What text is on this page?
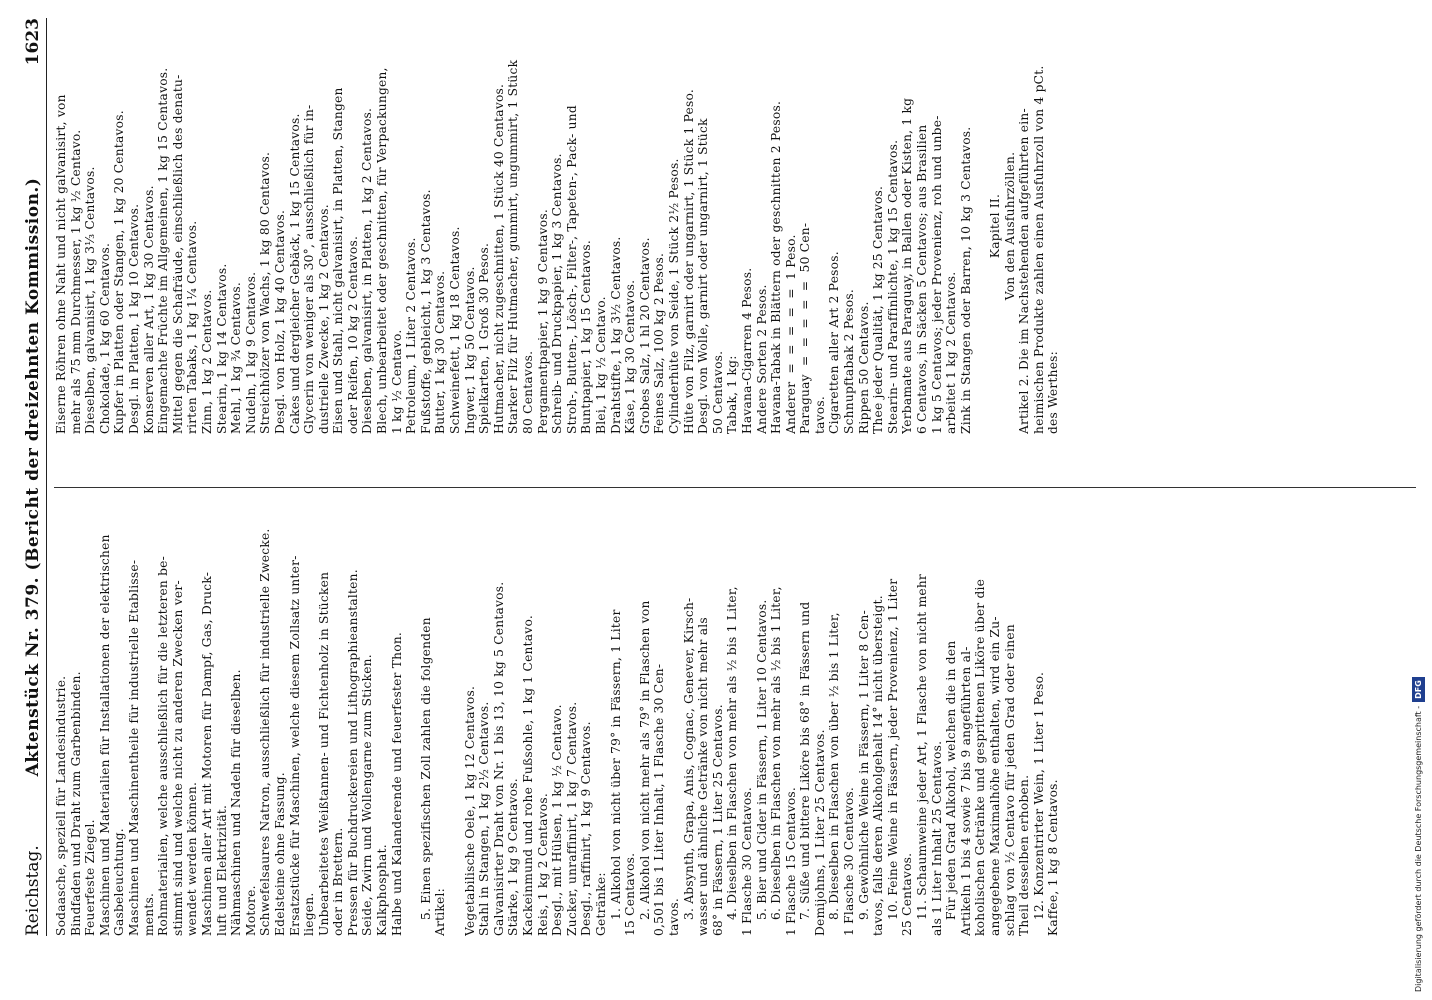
Reichstag.
Aktenstück Nr. 379. (Bericht der dreizehnten Kommission.)
1623
Sodaasche, speziell für Landesindustrie. Bindfaden und Draht zum Garbenbinden. Feuerfeste Ziegel. Maschinen und Materialien für Installationen der elektrischen Gasbeleuchtung. Maschinen und Maschinentheile für industrielle Etablisse- ments. Rohmaterialien, welche ausschließlich für die letzteren be- stimmt sind und welche nicht zu anderen Zwecken ver- wendet werden können. Maschinen aller Art mit Motoren für Dampf, Gas, Druck- luft und Elektrizität. Nähmaschinen und Nadeln für dieselben. Motore. Schwefelsaures Natron, ausschließlich für industrielle Zwecke. Edelsteine ohne Fassung. Ersatzstücke für Maschinen, welche diesem Zollsatz unter- liegen. Unbearbeitetes Weißtannen- und Fichtenholz in Stücken oder in Brettern. Pressen für Buchdruckereien und Lithographieanstalten. Seide, Zwirn und Wollengarne zum Sticken. Kalkphosphat. Halbe und Kalanderende und feuerfester Thon. 5. Einen spezifischen Zoll zahlen die folgenden Artikel: Vegetabilische Oele, 1 kg 12 Centavos. Stahl in Stangen, 1 kg 2½ Centavos. Galvanisirter Draht von Nr. 1 bis 13, 10 kg 5 Centavos. Stärke, 1 kg 9 Centavos. Kackeinmund und rohe Fußsohle, 1 kg 1 Centavo. Reis, 1 kg 2 Centavos. Desgl., mit Hülsen, 1 kg ½ Centavo. Zucker, unraffinirt, 1 kg 7 Centavos. Desgl., raffinirt, 1 kg 9 Centavos. Getränke: 1. Alkohol von nicht über 79° in Fässern, 1 Liter 15 Centavos. 2. Alkohol von nicht mehr als 79° in Flaschen von 0,501 bis 1 Liter Inhalt, 1 Flasche 30 Cen- tavos. 3. Absynth, Grapa, Anis, Cognac, Genever, Kirsch- wasser und ähnliche Getränke von nicht mehr als 68° in Fässern, 1 Liter 25 Centavos. 4. Dieselben in Flaschen von mehr als ½ bis 1 Liter, 1 Flasche 30 Centavos. 5. Bier und Cider in Fässern, 1 Liter 10 Centavos. 6. Dieselben in Flaschen von mehr als ½ bis 1 Liter, 1 Flasche 15 Centavos. 7. Süße und bittere Liköre bis 68° in Fässern und Demijohns, 1 Liter 25 Centavos. 8. Dieselben in Flaschen von über ½ bis 1 Liter, 1 Flasche 30 Centavos. 9. Gewöhnliche Weine in Fässern, 1 Liter 8 Cen- tavos, falls deren Alkoholgehalt 14° nicht übersteigt. 10. Feine Weine in Fässern, jeder Provenienz, 1 Liter 25 Centavos. 11. Schaumweine jeder Art, 1 Flasche von nicht mehr als 1 Liter Inhalt 25 Centavos. Für jeden Grad Alkohol, welchen die in den Artikeln 1 bis 4 sowie 7 bis 9 angeführten al- koholischen Getränke und gesprittenen Liköre über die angegebene Maximalhöhe enthalten, wird ein Zu- schlag von ½ Centavo für jeden Grad oder einen Theil desselben erhoben. 12. Konzentrirter Wein, 1 Liter 1 Peso. Kaffee, 1 kg 8 Centavos.
Eiserne Röhren ohne Naht und nicht galvanisirt, von mehr als 75 mm Durchmesser, 1 kg ½ Centavo. Dieselben, galvanisirt, 1 kg 3⅓ Centavos. Chokolade, 1 kg 60 Centavos. Kupfer in Platten oder Stangen, 1 kg 20 Centavos. Desgl. in Platten, 1 kg 10 Centavos. Konserven aller Art, 1 kg 30 Centavos. Eingemachte Früchte im Allgemeinen, 1 kg 15 Centavos. Mittel gegen die Schafräude, einschließlich des denatu- rirten Tabaks, 1 kg 1¼ Centavos. Zinn, 1 kg 2 Centavos. Stearin, 1 kg 14 Centavos. Mehl, 1 kg ¾ Centavos. Nudeln, 1 kg 9 Centavos. Streichhölzer von Wachs, 1 kg 80 Centavos. Desgl. von Holz, 1 kg 40 Centavos. Cakes und dergleicher Gebäck, 1 kg 15 Centavos. Glycerin von weniger als 30°, ausschließlich für in- dustrielle Zwecke, 1 kg 2 Centavos. Eisen und Stahl, nicht galvanisirt, in Platten, Stangen oder Reifen, 10 kg 2 Centavos. Dieselben, galvanisirt, in Platten, 1 kg 2 Centavos. Blech, unbearbeitet oder geschnitten, für Verpackungen, 1 kg ½ Centavo. Petroleum, 1 Liter 2 Centavos. Fußstoffe, gebleicht, 1 kg 3 Centavos. Butter, 1 kg 30 Centavos. Schweinefett, 1 kg 18 Centavos. Ingwer, 1 kg 50 Centavos. Spielkarten, 1 Groß 30 Pesos. Hutmacher, nicht zugeschnitten, 1 Stück 40 Centavos. Starker Filz für Hutmacher, gummirt, ungummirt, 1 Stück 80 Centavos. Pergamentpapier, 1 kg 9 Centavos. Schreib- und Druckpapier, 1 kg 3 Centavos. Stroh-, Butten-, Lösch-, Filter-, Tapeten-, Pack- und Buntpapier, 1 kg 15 Centavos. Blei, 1 kg ½ Centavo. Drahtstifte, 1 kg 3½ Centavos. Käse, 1 kg 30 Centavos. Grobes Salz, 1 hl 20 Centavos. Feines Salz, 100 kg 2 Pesos. Cylinderhüte von Seide, 1 Stück 2½ Pesos. Hüte von Filz, garnirt oder ungarnirt, 1 Stück 1 Peso. Desgl. von Wolle, garnirt oder ungarnirt, 1 Stück 50 Centavos. Tabak, 1 kg: Havana-Cigarren 4 Pesos. Andere Sorten 2 Pesos. Havana-Tabak in Blättern oder geschnitten 2 Pesos. Anderer  =  =  =  =  =  1 Peso. Paraguay  =  =  =  =  =  50 Cen- tavos. Cigaretten aller Art 2 Pesos. Schnupftabak 2 Pesos. Rippen 50 Centavos. Thee jeder Qualität, 1 kg 25 Centavos. Stearin- und Paraffinlichte, 1 kg 15 Centavos. Yerbamate aus Paraguay, in Ballen oder Kisten, 1 kg 6 Centavos, in Säcken 5 Centavos; aus Brasilien 1 kg 5 Centavos; jeder Provenienz, roh und unbe- arbeitet 1 kg 2 Centavos. Zink in Stangen oder Barren, 10 kg 3 Centavos. Kapitel II. Von den Ausfuhrzöllen. Artikel 2. Die im Nachstehenden aufgeführten ein- heimischen Produkte zahlen einen Ausfuhrzoll von 4 pCt. des Werthes:
Digitalisierung gefördert durch die Deutsche Forschungsgemeinschaft -DFG
